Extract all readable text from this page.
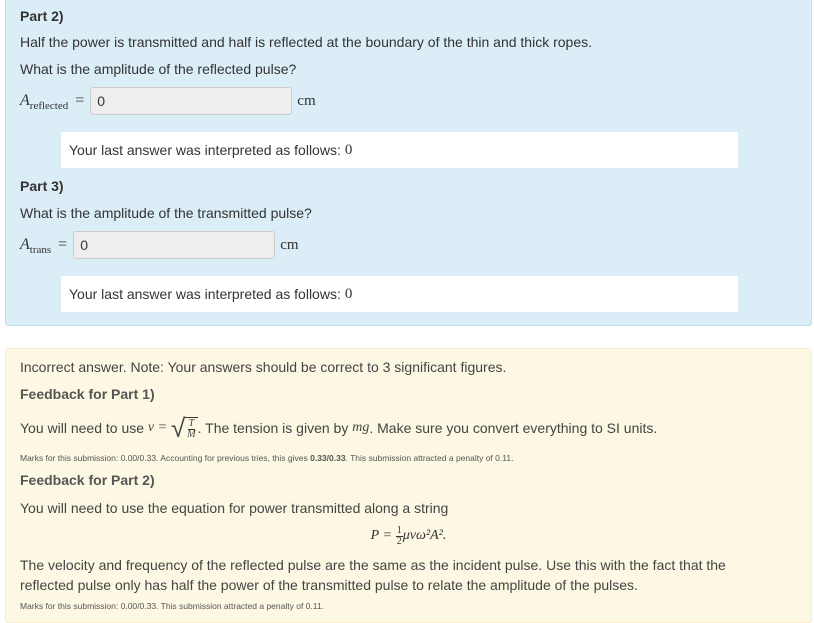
Part 2)
Half the power is transmitted and half is reflected at the boundary of the thin and thick ropes.
What is the amplitude of the reflected pulse?
$A_{reflected} = 0$	cm
Your last answer was interpreted as follows: 0
Part 3)
What is the amplitude of the transmitted pulse?
$A_{trans} = 0$	cm
Your last answer was interpreted as follows: 0
Incorrect answer. Note: Your answers should be correct to 3 significant figures.
Feedback for Part 1)
You will need to use
v =
√ $\frac{T}{M}$ . The tension is given by
mg . Make sure you convert everything to SI units.
Marks for this submission: 0.00/0.33. Accounting for previous tries, this gives 0.33/0.33. This submission attracted a penalty of 0.11.
Feedback for Part 2)
You will need to use the equation for power transmitted along a string
P =
$\frac{1}{2} \mu v\omega^2A^2$.
The velocity and frequency of the reflected pulse are the same as the incident pulse. Use this with the fact that the
reflected pulse only has half the power of the transmitted pulse to relate the amplitude of the pulses.
Marks for this submission: 0.00/0.33. This submission attracted a penalty of 0.11.
